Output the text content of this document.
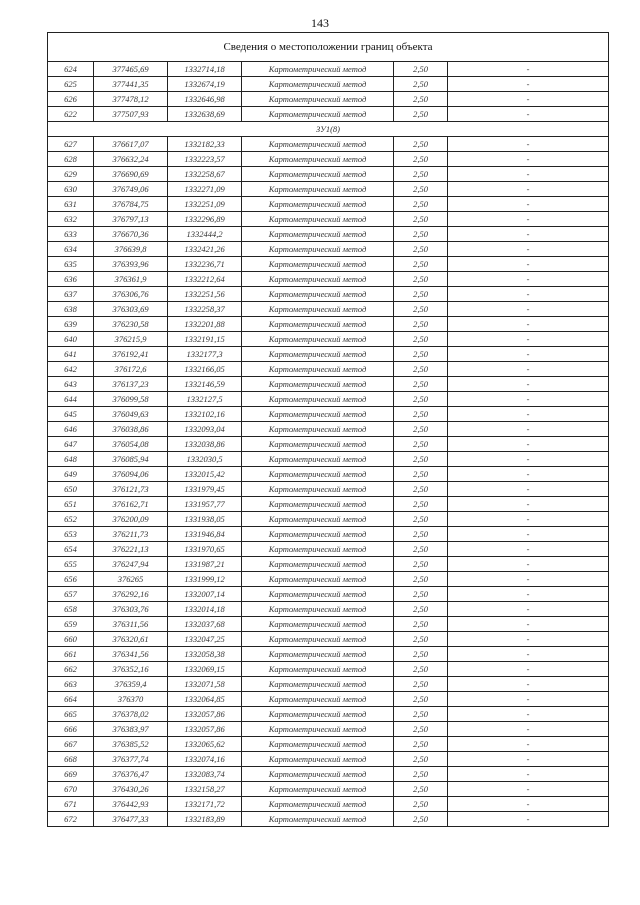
143
Сведения о местоположении границ объекта					
624	377465,69	1332714,18	Картометрический метод	2,50	-
625	377441,35	1332674,19	Картометрический метод	2,50	-
626	377478,12	1332646,98	Картометрический метод	2,50	-
622	377507,93	1332638,69	Картометрический метод	2,50	-
ЗУ1(8)					
627	376617,07	1332182,33	Картометрический метод	2,50	-
628	376632,24	1332223,57	Картометрический метод	2,50	-
629	376690,69	1332258,67	Картометрический метод	2,50	-
630	376749,06	1332271,09	Картометрический метод	2,50	-
631	376784,75	1332251,09	Картометрический метод	2,50	-
632	376797,13	1332296,89	Картометрический метод	2,50	-
633	376670,36	1332444,2	Картометрический метод	2,50	-
634	376639,8	1332421,26	Картометрический метод	2,50	-
635	376393,96	1332236,71	Картометрический метод	2,50	-
636	376361,9	1332212,64	Картометрический метод	2,50	-
637	376306,76	1332251,56	Картометрический метод	2,50	-
638	376303,69	1332258,37	Картометрический метод	2,50	-
639	376230,58	1332201,88	Картометрический метод	2,50	-
640	376215,9	1332191,15	Картометрический метод	2,50	-
641	376192,41	1332177,3	Картометрический метод	2,50	-
642	376172,6	1332166,05	Картометрический метод	2,50	-
643	376137,23	1332146,59	Картометрический метод	2,50	-
644	376099,58	1332127,5	Картометрический метод	2,50	-
645	376049,63	1332102,16	Картометрический метод	2,50	-
646	376038,86	1332093,04	Картометрический метод	2,50	-
647	376054,08	1332038,86	Картометрический метод	2,50	-
648	376085,94	1332030,5	Картометрический метод	2,50	-
649	376094,06	1332015,42	Картометрический метод	2,50	-
650	376121,73	1331979,45	Картометрический метод	2,50	-
651	376162,71	1331957,77	Картометрический метод	2,50	-
652	376200,09	1331938,05	Картометрический метод	2,50	-
653	376211,73	1331946,84	Картометрический метод	2,50	-
654	376221,13	1331970,65	Картометрический метод	2,50	-
655	376247,94	1331987,21	Картометрический метод	2,50	-
656	376265	1331999,12	Картометрический метод	2,50	-
657	376292,16	1332007,14	Картометрический метод	2,50	-
658	376303,76	1332014,18	Картометрический метод	2,50	-
659	376311,56	1332037,68	Картометрический метод	2,50	-
660	376320,61	1332047,25	Картометрический метод	2,50	-
661	376341,56	1332058,38	Картометрический метод	2,50	-
662	376352,16	1332069,15	Картометрический метод	2,50	-
663	376359,4	1332071,58	Картометрический метод	2,50	-
664	376370	1332064,85	Картометрический метод	2,50	-
665	376378,02	1332057,86	Картометрический метод	2,50	-
666	376383,97	1332057,86	Картометрический метод	2,50	-
667	376385,52	1332065,62	Картометрический метод	2,50	-
668	376377,74	1332074,16	Картометрический метод	2,50	-
669	376376,47	1332083,74	Картометрический метод	2,50	-
670	376430,26	1332158,27	Картометрический метод	2,50	-
671	376442,93	1332171,72	Картометрический метод	2,50	-
672	376477,33	1332183,89	Картометрический метод	2,50	-
